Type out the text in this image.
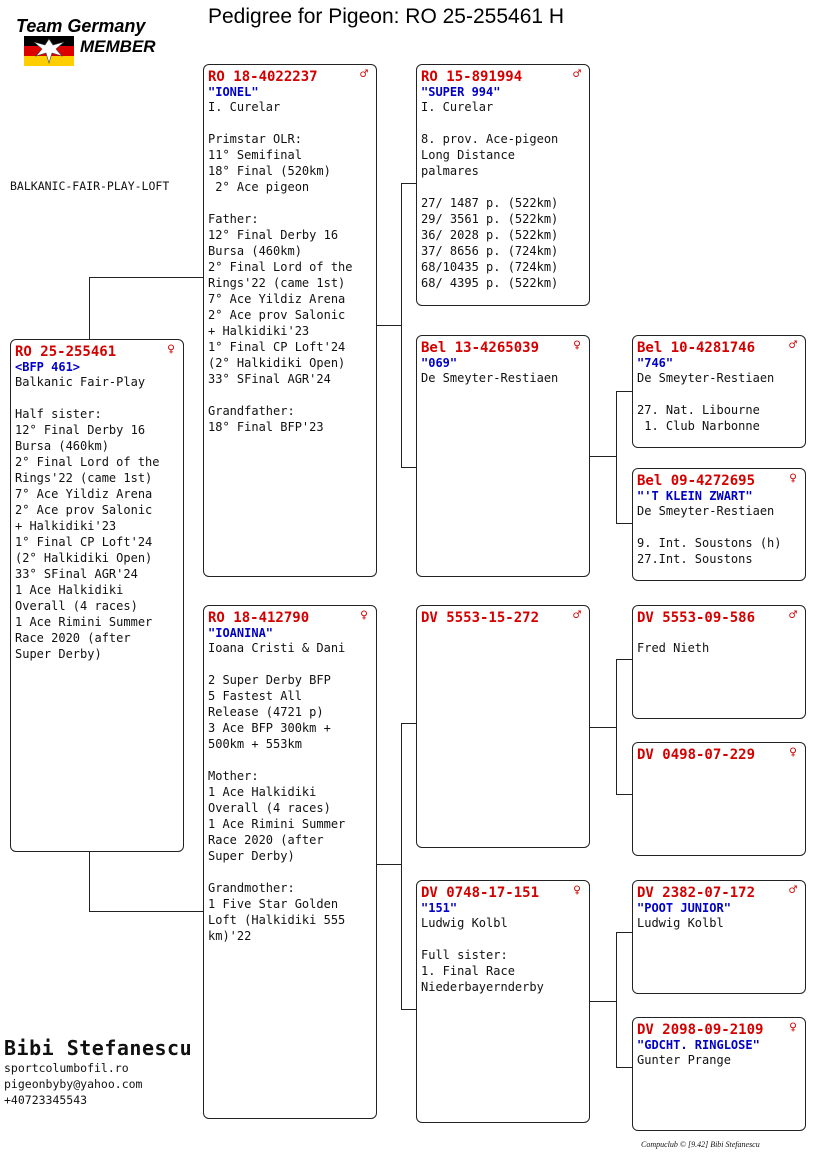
Pedigree for Pigeon: RO 25-255461 H
Team Germany
MEMBER
BALKANIC-FAIR-PLAY-LOFT
RO 25-255461	♀
<BFP 461>
Balkanic Fair-Play
Half sister:
12° Final Derby 16
Bursa (460km)
2° Final Lord of the
Rings'22 (came 1st)
7° Ace Yildiz Arena
2° Ace prov Salonic
+ Halkidiki'23
1° Final CP Loft'24
(2° Halkidiki Open)
33° SFinal AGR'24
1 Ace Halkidiki
Overall (4 races)
1 Ace Rimini Summer
Race 2020 (after
Super Derby)
RO 18-4022237	♂
"IONEL"
I. Curelar
Primstar OLR:
11° Semifinal
18° Final (520km)
2° Ace pigeon

Father:
12° Final Derby 16
Bursa (460km)
2° Final Lord of the
Rings'22 (came 1st)
7° Ace Yildiz Arena
2° Ace prov Salonic
+ Halkidiki'23
1° Final CP Loft'24
(2° Halkidiki Open)
33° SFinal AGR'24

Grandfather:
18° Final BFP'23
RO 18-412790	♀
"IOANINA"
Ioana Cristi & Dani
2 Super Derby BFP
5 Fastest All
Release (4721 p)
3 Ace BFP 300km +
500km + 553km

Mother:
1 Ace Halkidiki
Overall (4 races)
1 Ace Rimini Summer
Race 2020 (after
Super Derby)

Grandmother:
1 Five Star Golden
Loft (Halkidiki 555
km)'22
RO 15-891994	♂
"SUPER 994"
I. Curelar
8. prov. Ace-pigeon
Long Distance
palmares

27/ 1487 p. (522km)
29/ 3561 p. (522km)
36/ 2028 p. (522km)
37/ 8656 p. (724km)
68/10435 p. (724km)
68/ 4395 p. (522km)
Bel 13-4265039	♀
"069"
De Smeyter-Restiaen
DV 5553-15-272	♂
DV 0748-17-151	♀
"151"
Ludwig Kolbl
Full sister:
1. Final Race
Niederbayernderby
Bel 10-4281746	♂
"746"
De Smeyter-Restiaen
27. Nat. Libourne
1. Club Narbonne
Bel 09-4272695	♀
"'T KLEIN ZWART"
De Smeyter-Restiaen
9. Int. Soustons (h)
27.Int. Soustons
DV 5553-09-586	♂
Fred Nieth
DV 0498-07-229	♀
DV 2382-07-172	♂
"POOT JUNIOR"
Ludwig Kolbl
DV 2098-09-2109	♀
"GDCHT. RINGLOSE"
Gunter Prange
Bibi Stefanescu
sportcolumbofil.ro
pigeonbyby@yahoo.com
+40723345543
Compuclub © [9.42] Bibi Stefanescu
